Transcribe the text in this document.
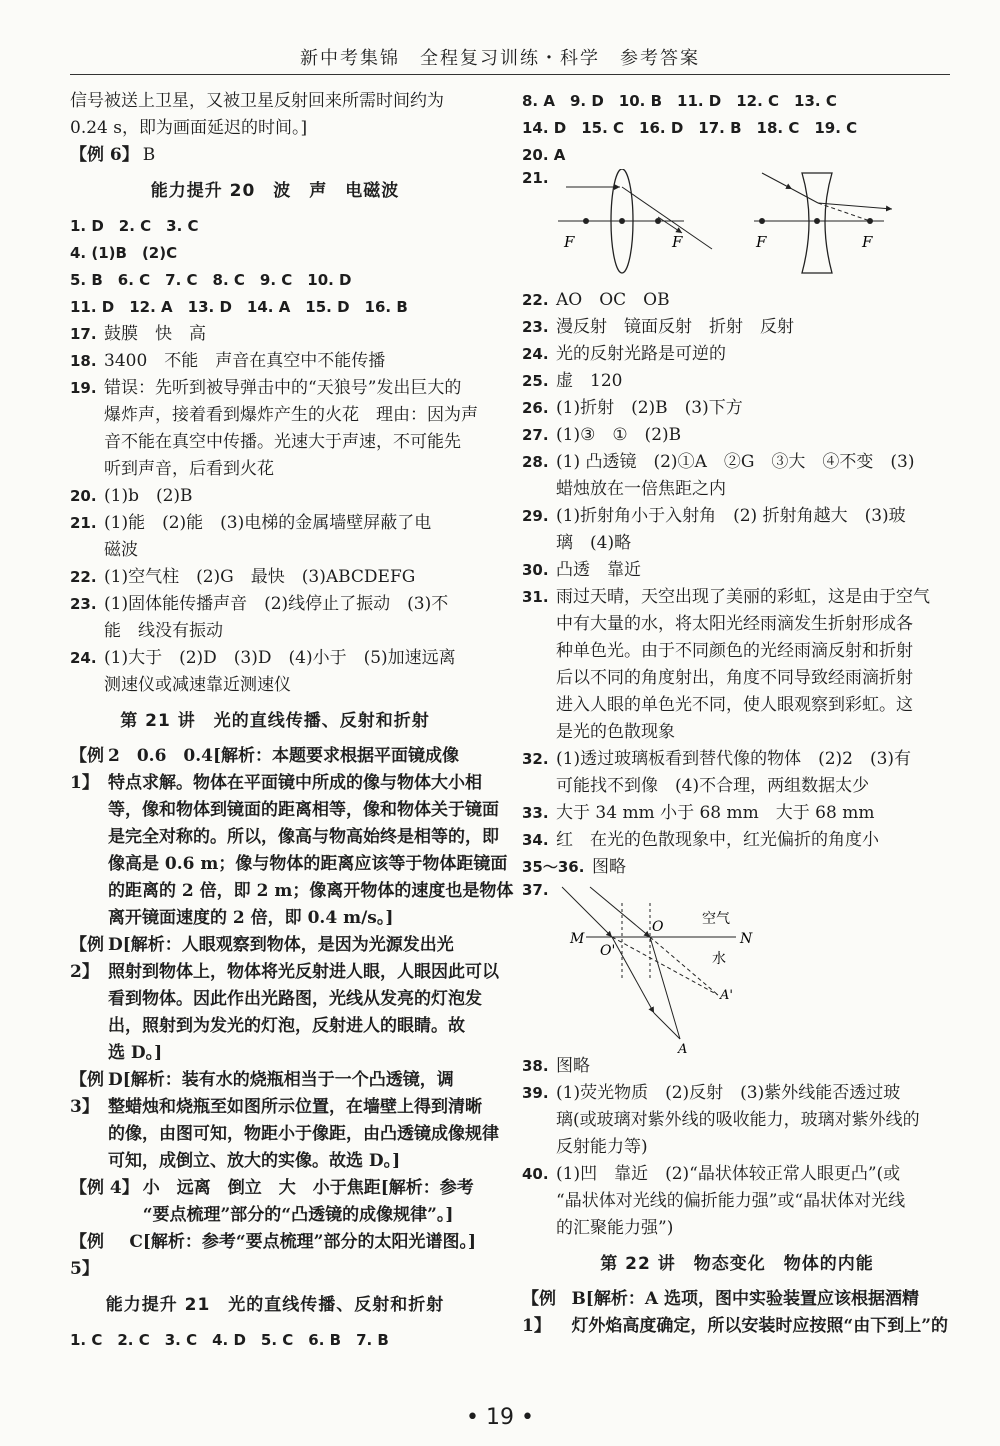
新中考集锦　全程复习训练・科学　参考答案
信号被送上卫星，又被卫星反射回来所需时间约为
0.24 s，即为画面延迟的时间。]
【例 6】 B
能力提升 20　波　声　电磁波
1. D　2. C　3. C
4. (1)B　(2)C
5. B　6. C　7. C　8. C　9. C　10. D
11. D　12. A　13. D　14. A　15. D　16. B
17. 鼓膜　快　高
18. 3400　不能　声音在真空中不能传播
19. 错误：先听到被导弹击中的“天狼号”发出巨大的
爆炸声，接着看到爆炸产生的火花　理由：因为声
音不能在真空中传播。光速大于声速，不可能先
听到声音，后看到火花
20. (1)b　(2)B
21. (1)能　(2)能　(3)电梯的金属墙壁屏蔽了电
磁波
22. (1)空气柱　(2)G　最快　(3)ABCDEFG
23. (1)固体能传播声音　(2)线停止了振动　(3)不
能　线没有振动
24. (1)大于　(2)D　(3)D　(4)小于　(5)加速远离
测速仪或减速靠近测速仪
第 21 讲　光的直线传播、反射和折射
【例 1】
2　0.6　0.4[解析：本题要求根据平面镜成像
特点求解。物体在平面镜中所成的像与物体大小相
等，像和物体到镜面的距离相等，像和物体关于镜面
是完全对称的。所以，像高与物高始终是相等的，即
像高是 0.6 m；像与物体的距离应该等于物体距镜面
的距离的 2 倍，即 2 m；像离开物体的速度也是物体
离开镜面速度的 2 倍，即 0.4 m/s。]
【例 2】
D[解析：人眼观察到物体，是因为光源发出光
照射到物体上，物体将光反射进人眼，人眼因此可以
看到物体。因此作出光路图，光线从发亮的灯泡发
出，照射到为发光的灯泡，反射进人的眼睛。故
选 D。]
【例 3】
D[解析：装有水的烧瓶相当于一个凸透镜，调
整蜡烛和烧瓶至如图所示位置，在墙壁上得到清晰
的像，由图可知，物距小于像距，由凸透镜成像规律
可知，成倒立、放大的实像。故选 D。]
【例 4】 小　远离　倒立　大　小于焦距[解析：参考
“要点梳理”部分的“凸透镜的成像规律”。]
【例 5】
C[解析：参考“要点梳理”部分的太阳光谱图。]
能力提升 21　光的直线传播、反射和折射
1. C　2. C　3. C　4. D　5. C　6. B　7. B
8. A　9. D　10. B　11. D　12. C　13. C
14. D　15. C　16. D　17. B　18. C　19. C
20. A
21.
F	F	F	F
22. AO　OC　OB
23. 漫反射　镜面反射　折射　反射
24. 光的反射光路是可逆的
25. 虚　120
26. (1)折射　(2)B　(3)下方
27. (1)③　①　(2)B
28. (1) 凸透镜　(2)①A　②G　③大　④不变　(3)
蜡烛放在一倍焦距之内
29. (1)折射角小于入射角　(2) 折射角越大　(3)玻
璃　(4)略
30. 凸透　靠近
31. 雨过天晴，天空出现了美丽的彩虹，这是由于空气
中有大量的水，将太阳光经雨滴发生折射形成各
种单色光。由于不同颜色的光经雨滴反射和折射
后以不同的角度射出，角度不同导致经雨滴折射
进入人眼的单色光不同，使人眼观察到彩虹。这
是光的色散现象
32. (1)透过玻璃板看到替代像的物体　(2)2　(3)有
可能找不到像　(4)不合理，两组数据太少
33. 大于 34 mm 小于 68 mm　大于 68 mm
34. 红　在光的色散现象中，红光偏折的角度小
35～36. 图略
37.
M	N
O
O'
空气
水
A'
A
38. 图略
39. (1)荧光物质　(2)反射　(3)紫外线能否透过玻
璃(或玻璃对紫外线的吸收能力，玻璃对紫外线的
反射能力等)
40. (1)凹　靠近　(2)“晶状体较正常人眼更凸”(或
“晶状体对光线的偏折能力强”或“晶状体对光线
的汇聚能力强”)
第 22 讲　物态变化　物体的内能
【例 1】
B[解析：A 选项，图中实验装置应该根据酒精
灯外焰高度确定，所以安装时应按照“由下到上”的
• 19 •
